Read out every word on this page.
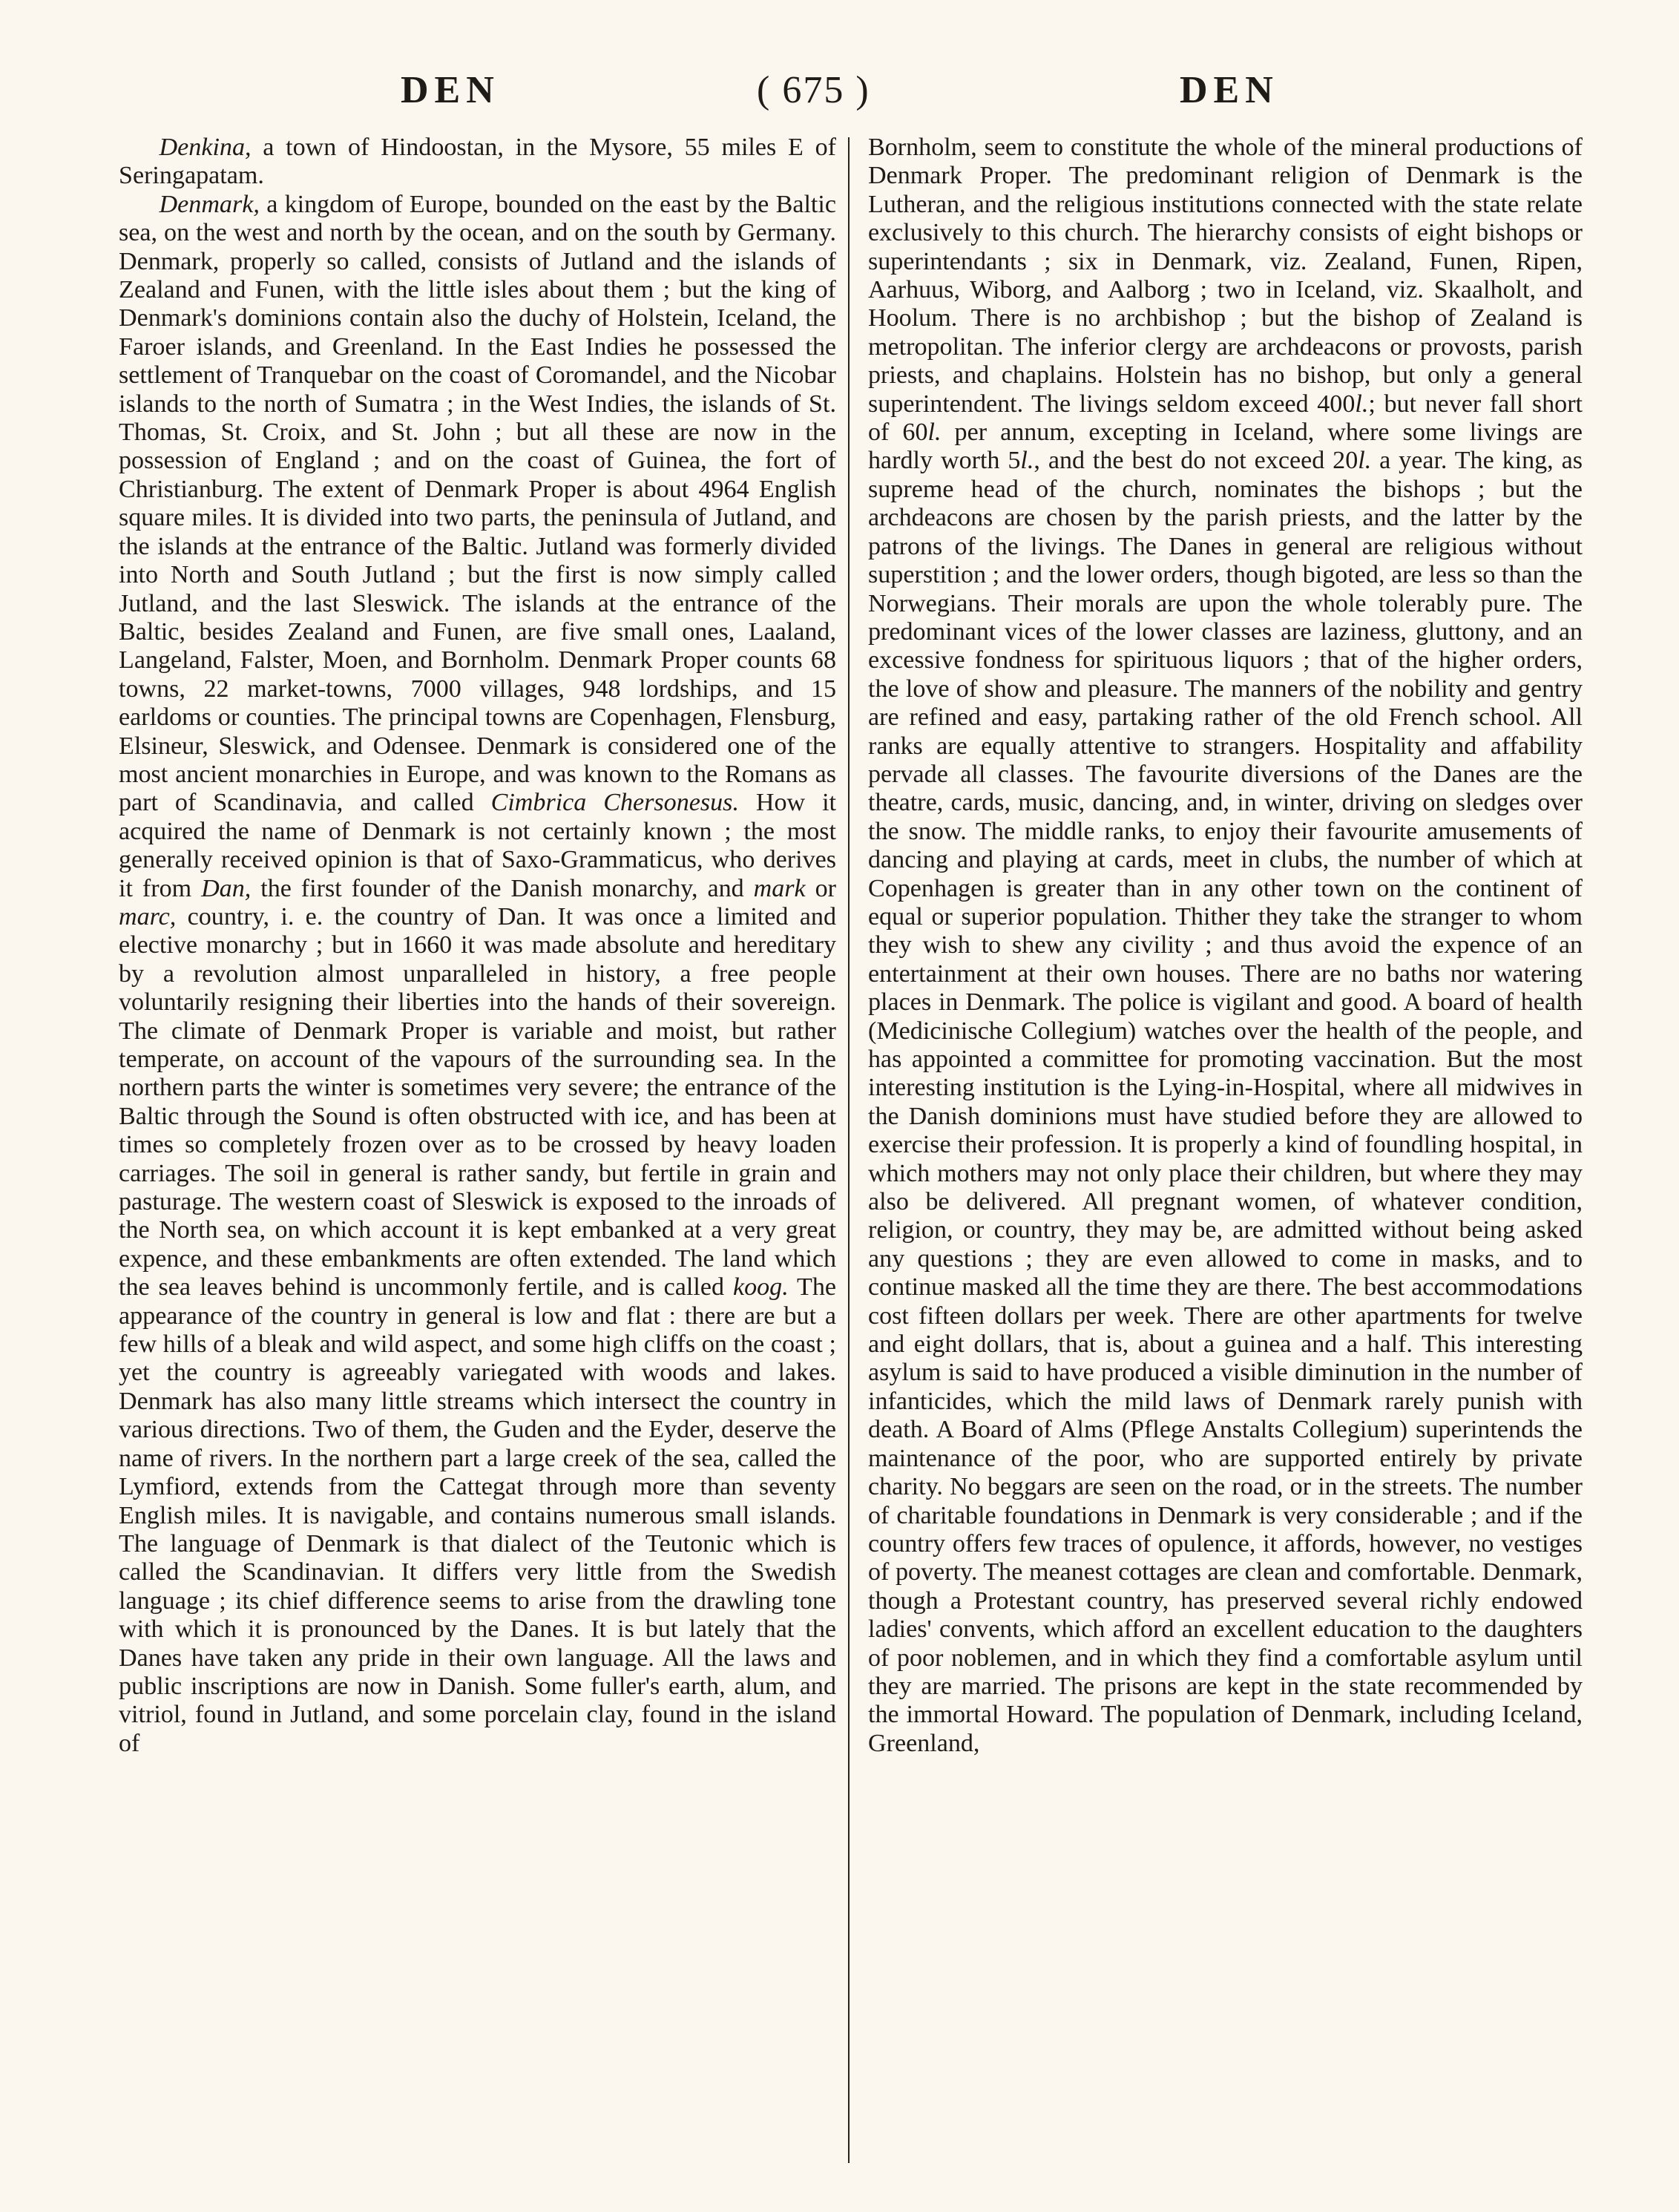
DEN	( 675 )	DEN

Denkina, a town of Hindoostan, in the Mysore, 55 miles E of Seringapatam.

Denmark, a kingdom of Europe, bounded on the east by the Baltic sea, on the west and north by the ocean, and on the south by Germany. Denmark, properly so called, consists of Jutland and the islands of Zealand and Funen, with the little isles about them ; but the king of Denmark's dominions contain also the duchy of Holstein, Iceland, the Faroer islands, and Greenland. In the East Indies he possessed the settlement of Tranquebar on the coast of Coromandel, and the Nicobar islands to the north of Sumatra ; in the West Indies, the islands of St. Thomas, St. Croix, and St. John ; but all these are now in the possession of England ; and on the coast of Guinea, the fort of Christianburg. The extent of Denmark Proper is about 4964 English square miles. It is divided into two parts, the peninsula of Jutland, and the islands at the entrance of the Baltic. Jutland was formerly divided into North and South Jutland ; but the first is now simply called Jutland, and the last Sleswick. The islands at the entrance of the Baltic, besides Zealand and Funen, are five small ones, Laaland, Langeland, Falster, Moen, and Bornholm. Denmark Proper counts 68 towns, 22 market-towns, 7000 villages, 948 lordships, and 15 earldoms or counties. The principal towns are Copenhagen, Flensburg, Elsineur, Sleswick, and Odensee. Denmark is considered one of the most ancient monarchies in Europe, and was known to the Romans as part of Scandinavia, and called Cimbrica Chersonesus. How it acquired the name of Denmark is not certainly known ; the most generally received opinion is that of Saxo-Grammaticus, who derives it from Dan, the first founder of the Danish monarchy, and mark or marc, country, i. e. the country of Dan. It was once a limited and elective monarchy ; but in 1660 it was made absolute and hereditary by a revolution almost unparalleled in history, a free people voluntarily resigning their liberties into the hands of their sovereign. The climate of Denmark Proper is variable and moist, but rather temperate, on account of the vapours of the surrounding sea. In the northern parts the winter is sometimes very severe; the entrance of the Baltic through the Sound is often obstructed with ice, and has been at times so completely frozen over as to be crossed by heavy loaden carriages. The soil in general is rather sandy, but fertile in grain and pasturage. The western coast of Sleswick is exposed to the inroads of the North sea, on which account it is kept embanked at a very great expence, and these embankments are often extended. The land which the sea leaves behind is uncommonly fertile, and is called koog. The appearance of the country in general is low and flat : there are but a few hills of a bleak and wild aspect, and some high cliffs on the coast ; yet the country is agreeably variegated with woods and lakes. Denmark has also many little streams which intersect the country in various directions. Two of them, the Guden and the Eyder, deserve the name of rivers. In the northern part a large creek of the sea, called the Lymfiord, extends from the Cattegat through more than seventy English miles. It is navigable, and contains numerous small islands. The language of Denmark is that dialect of the Teutonic which is called the Scandinavian. It differs very little from the Swedish language ; its chief difference seems to arise from the drawling tone with which it is pronounced by the Danes. It is but lately that the Danes have taken any pride in their own language. All the laws and public inscriptions are now in Danish. Some fuller's earth, alum, and vitriol, found in Jutland, and some porcelain clay, found in the island of

Bornholm, seem to constitute the whole of the mineral productions of Denmark Proper. The predominant religion of Denmark is the Lutheran, and the religious institutions connected with the state relate exclusively to this church. The hierarchy consists of eight bishops or superintendants ; six in Denmark, viz. Zealand, Funen, Ripen, Aarhuus, Wiborg, and Aalborg ; two in Iceland, viz. Skaalholt, and Hoolum. There is no archbishop ; but the bishop of Zealand is metropolitan. The inferior clergy are archdeacons or provosts, parish priests, and chaplains. Holstein has no bishop, but only a general superintendent. The livings seldom exceed 400l.; but never fall short of 60l. per annum, excepting in Iceland, where some livings are hardly worth 5l., and the best do not exceed 20l. a year. The king, as supreme head of the church, nominates the bishops ; but the archdeacons are chosen by the parish priests, and the latter by the patrons of the livings. The Danes in general are religious without superstition ; and the lower orders, though bigoted, are less so than the Norwegians. Their morals are upon the whole tolerably pure. The predominant vices of the lower classes are laziness, gluttony, and an excessive fondness for spirituous liquors ; that of the higher orders, the love of show and pleasure. The manners of the nobility and gentry are refined and easy, partaking rather of the old French school. All ranks are equally attentive to strangers. Hospitality and affability pervade all classes. The favourite diversions of the Danes are the theatre, cards, music, dancing, and, in winter, driving on sledges over the snow. The middle ranks, to enjoy their favourite amusements of dancing and playing at cards, meet in clubs, the number of which at Copenhagen is greater than in any other town on the continent of equal or superior population. Thither they take the stranger to whom they wish to shew any civility ; and thus avoid the expence of an entertainment at their own houses. There are no baths nor watering places in Denmark. The police is vigilant and good. A board of health (Medicinische Collegium) watches over the health of the people, and has appointed a committee for promoting vaccination. But the most interesting institution is the Lying-in-Hospital, where all midwives in the Danish dominions must have studied before they are allowed to exercise their profession. It is properly a kind of foundling hospital, in which mothers may not only place their children, but where they may also be delivered. All pregnant women, of whatever condition, religion, or country, they may be, are admitted without being asked any questions ; they are even allowed to come in masks, and to continue masked all the time they are there. The best accommodations cost fifteen dollars per week. There are other apartments for twelve and eight dollars, that is, about a guinea and a half. This interesting asylum is said to have produced a visible diminution in the number of infanticides, which the mild laws of Denmark rarely punish with death. A Board of Alms (Pflege Anstalts Collegium) superintends the maintenance of the poor, who are supported entirely by private charity. No beggars are seen on the road, or in the streets. The number of charitable foundations in Denmark is very considerable ; and if the country offers few traces of opulence, it affords, however, no vestiges of poverty. The meanest cottages are clean and comfortable. Denmark, though a Protestant country, has preserved several richly endowed ladies' convents, which afford an excellent education to the daughters of poor noblemen, and in which they find a comfortable asylum until they are married. The prisons are kept in the state recommended by the immortal Howard. The population of Denmark, including Iceland, Greenland,
